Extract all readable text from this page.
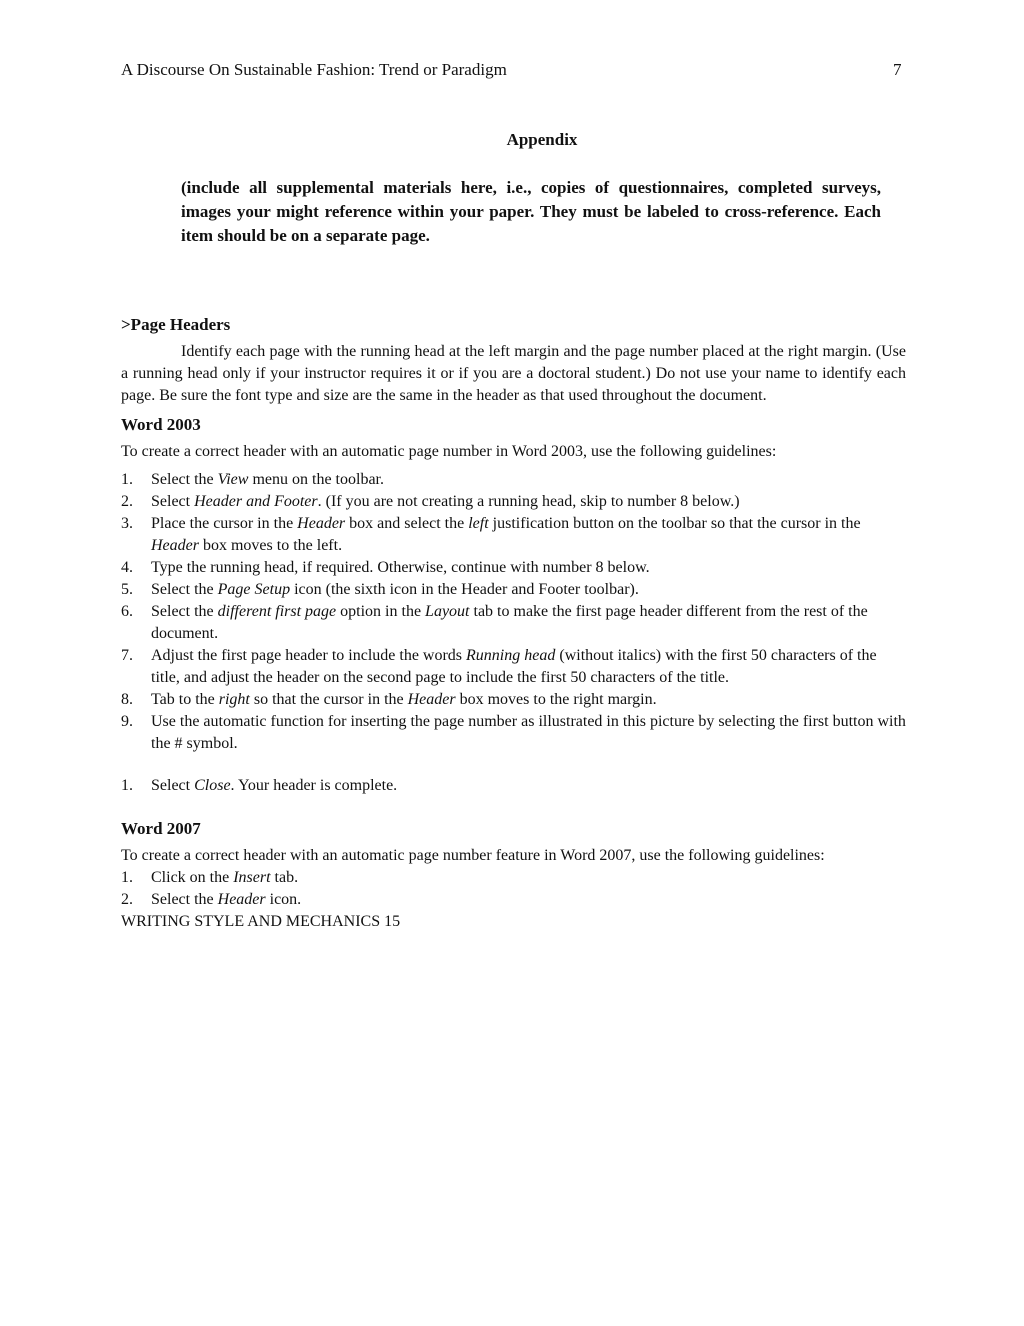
A Discourse On Sustainable Fashion: Trend or Paradigm	7
Appendix
(include all supplemental materials here, i.e., copies of questionnaires, completed surveys, images your might reference within your paper. They must be labeled to cross-reference. Each item should be on a separate page.

>Page Headers

Identify each page with the running head at the left margin and the page number placed at the right margin. (Use a running head only if your instructor requires it or if you are a doctoral student.) Do not use your name to identify each page. Be sure the font type and size are the same in the header as that used throughout the document.

Word 2003

To create a correct header with an automatic page number in Word 2003, use the following guidelines:

1. Select the View menu on the toolbar.
2. Select Header and Footer. (If you are not creating a running head, skip to number 8 below.)
3. Place the cursor in the Header box and select the left justification button on the toolbar so that the cursor in the Header box moves to the left.
4. Type the running head, if required. Otherwise, continue with number 8 below.
5. Select the Page Setup icon (the sixth icon in the Header and Footer toolbar).
6. Select the different first page option in the Layout tab to make the first page header different from the rest of the document.
7. Adjust the first page header to include the words Running head (without italics) with the first 50 characters of the title, and adjust the header on the second page to include the first 50 characters of the title.
8. Tab to the right so that the cursor in the Header box moves to the right margin.
9. Use the automatic function for inserting the page number as illustrated in this picture by selecting the first button with the # symbol.
1. Select Close. Your header is complete.

Word 2007

To create a correct header with an automatic page number feature in Word 2007, use the following guidelines:

1. Click on the Insert tab.
2. Select the Header icon.

WRITING STYLE AND MECHANICS 15
